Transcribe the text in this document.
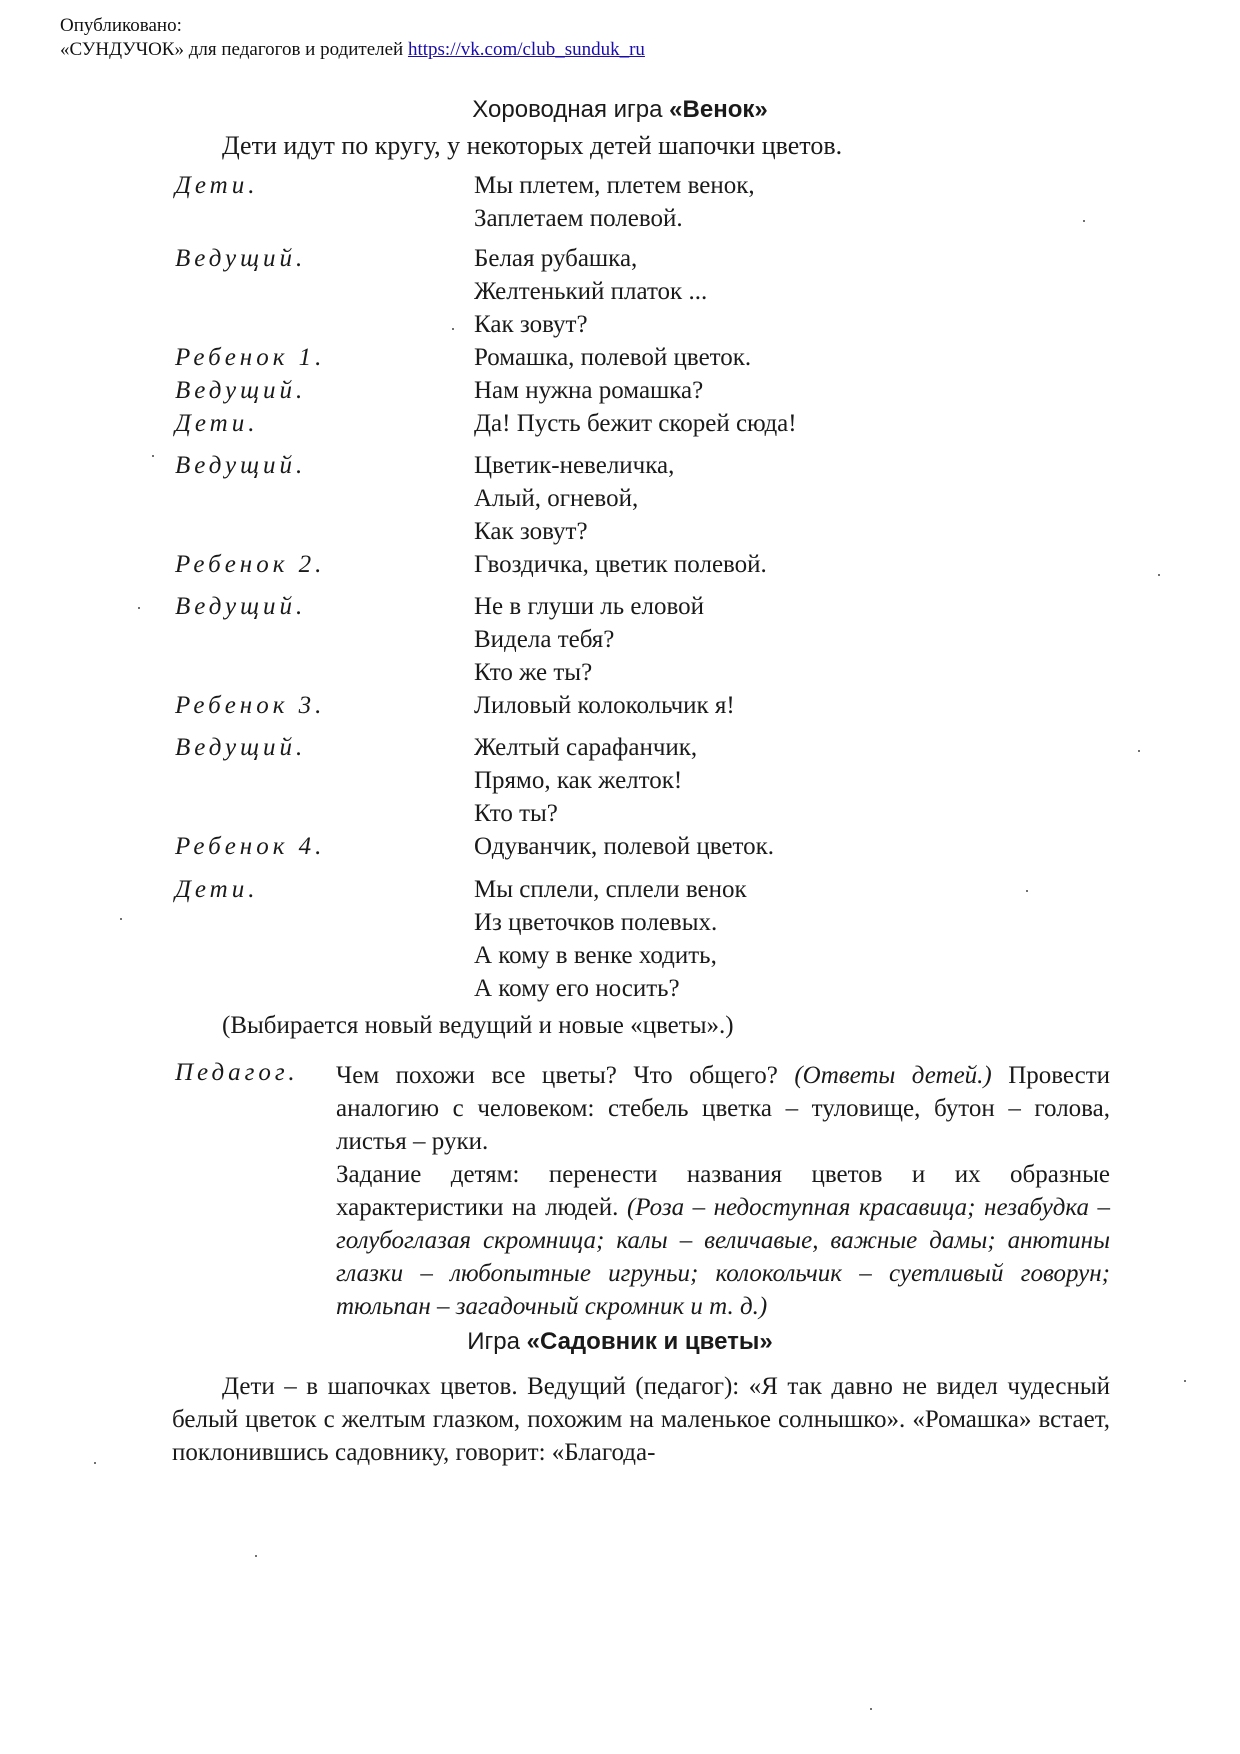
Опубликовано:
«СУНДУЧОК» для педагогов и родителей https://vk.com/club_sunduk_ru
Хороводная игра «Венок»
Дети идут по кругу, у некоторых детей шапочки цветов.
Дети.	Мы плетем, плетем венок,
Заплетаем полевой.
Ведущий.	Белая рубашка,
Желтенький платок ...
Как зовут?
Ребенок 1.	Ромашка, полевой цветок.
Ведущий.	Нам нужна ромашка?
Дети.	Да! Пусть бежит скорей сюда!
Ведущий.	Цветик-невеличка,
Алый, огневой,
Как зовут?
Ребенок 2.	Гвоздичка, цветик полевой.
Ведущий.	Не в глуши ль еловой
Видела тебя?
Кто же ты?
Ребенок 3.	Лиловый колокольчик я!
Ведущий.	Желтый сарафанчик,
Прямо, как желток!
Кто ты?
Ребенок 4.	Одуванчик, полевой цветок.
Дети.	Мы сплели, сплели венок
Из цветочков полевых.
А кому в венке ходить,
А кому его носить?
(Выбирается новый ведущий и новые «цветы».)
Педагог. Чем похожи все цветы? Что общего? (Ответы детей.) Провести аналогию с человеком: стебель цветка – туловище, бутон – голова, листья – руки.
Задание детям: перенести названия цветов и их образные характеристики на людей. (Роза – недоступная красавица; незабудка – голубоглазая скромница; калы – величавые, важные дамы; анютины глазки – любопытные игруньи; колокольчик – суетливый говорун; тюльпан – загадочный скромник и т. д.)
Игра «Садовник и цветы»
Дети – в шапочках цветов. Ведущий (педагог): «Я так давно не видел чудесный белый цветок с желтым глазком, похожим на маленькое солнышко». «Ромашка» встает, поклонившись садовнику, говорит: «Благода-
